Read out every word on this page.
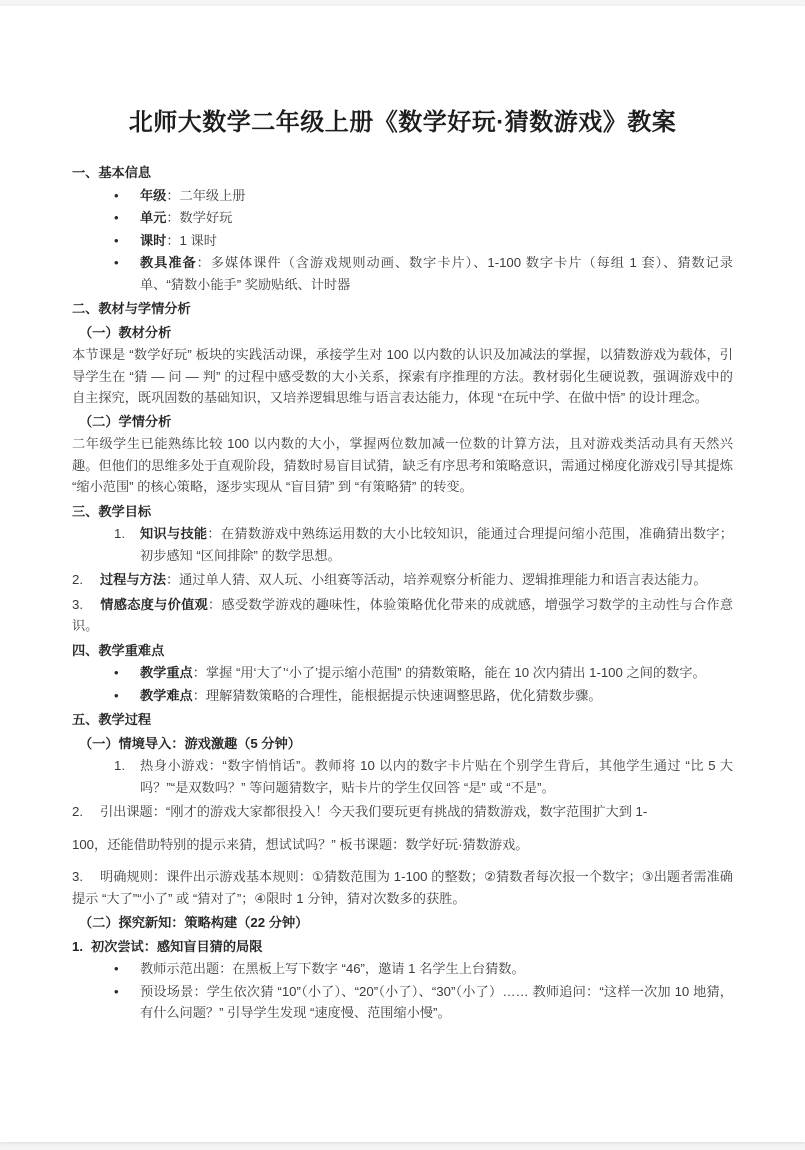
北师大数学二年级上册《数学好玩·猜数游戏》教案
一、基本信息
• 年级：二年级上册
• 单元：数学好玩
• 课时：1 课时
• 教具准备：多媒体课件（含游戏规则动画、数字卡片）、1-100 数字卡片（每组 1 套）、猜数记录单、“猜数小能手” 奖励贴纸、计时器
二、教材与学情分析
（一）教材分析
本节课是 “数学好玩” 板块的实践活动课，承接学生对 100 以内数的认识及加减法的掌握，以猜数游戏为载体，引导学生在 “猜 — 问 — 判” 的过程中感受数的大小关系，探索有序推理的方法。教材弱化生硬说教，强调游戏中的自主探究，既巩固数的基础知识，又培养逻辑思维与语言表达能力，体现 “在玩中学、在做中悟” 的设计理念。
（二）学情分析
二年级学生已能熟练比较 100 以内数的大小，掌握两位数加减一位数的计算方法，且对游戏类活动具有天然兴趣。但他们的思维多处于直观阶段，猜数时易盲目试猜，缺乏有序思考和策略意识，需通过梯度化游戏引导其提炼 “缩小范围” 的核心策略，逐步实现从 “盲目猜” 到 “有策略猜” 的转变。
三、教学目标
1. 知识与技能：在猜数游戏中熟练运用数的大小比较知识，能通过合理提问缩小范围，准确猜出数字；初步感知 “区间排除” 的数学思想。
2. 过程与方法：通过单人猜、双人玩、小组赛等活动，培养观察分析能力、逻辑推理能力和语言表达能力。
3. 情感态度与价值观：感受数学游戏的趣味性，体验策略优化带来的成就感，增强学习数学的主动性与合作意识。
四、教学重难点
• 教学重点：掌握 “用‘大了’‘小了’提示缩小范围” 的猜数策略，能在 10 次内猜出 1-100 之间的数字。
• 教学难点：理解猜数策略的合理性，能根据提示快速调整思路，优化猜数步骤。
五、教学过程
（一）情境导入：游戏激趣（5 分钟）
1. 热身小游戏：“数字悄悄话”。教师将 10 以内的数字卡片贴在个别学生背后，其他学生通过 “比 5 大吗？”“是双数吗？” 等问题猜数字，贴卡片的学生仅回答 “是” 或 “不是”。
2. 引出课题：“刚才的游戏大家都很投入！今天我们要玩更有挑战的猜数游戏，数字范围扩大到 1-
100，还能借助特别的提示来猜，想试试吗？” 板书课题：数学好玩·猜数游戏。
3. 明确规则：课件出示游戏基本规则：①猜数范围为 1-100 的整数；②猜数者每次报一个数字；③出题者需准确提示 “大了”“小了” 或 “猜对了”；④限时 1 分钟，猜对次数多的获胜。
（二）探究新知：策略构建（22 分钟）
1. 初次尝试：感知盲目猜的局限
• 教师示范出题：在黑板上写下数字 “46”，邀请 1 名学生上台猜数。
• 预设场景：学生依次猜 “10”（小了）、“20”（小了）、“30”（小了）…… 教师追问：“这样一次加 10 地猜，有什么问题？” 引导学生发现 “速度慢、范围缩小慢”。
